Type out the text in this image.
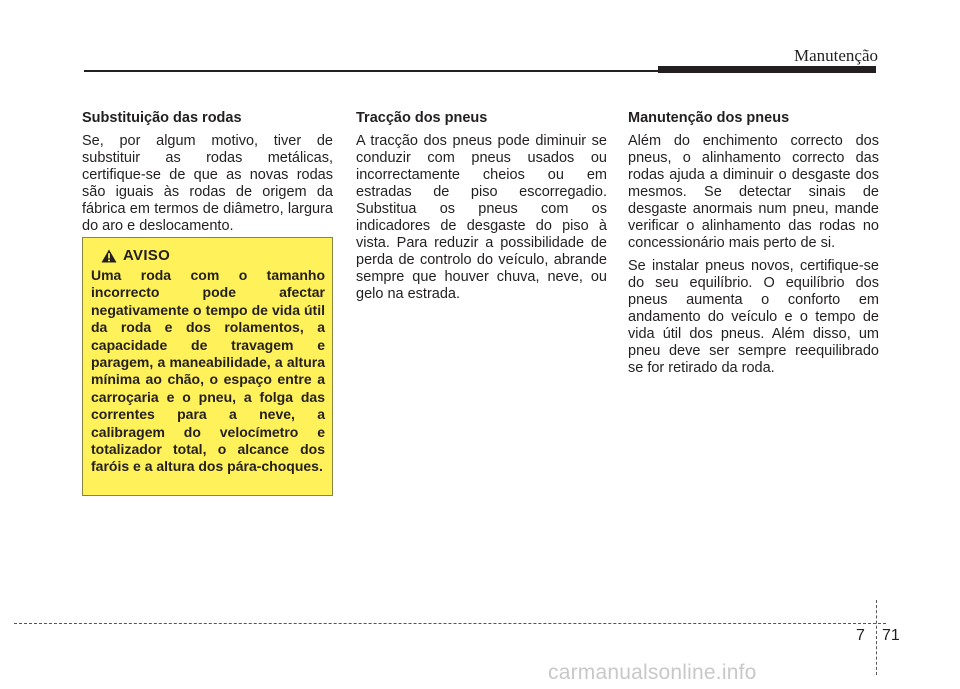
Manutenção

Substituição das rodas

Se, por algum motivo, tiver de substituir as rodas metálicas, certifique-se de que as novas rodas são iguais às rodas de origem da fábrica em termos de diâmetro, largura do aro e deslocamento.

AVISO

Uma roda com o tamanho incorrecto pode afectar negativamente o tempo de vida útil da roda e dos rolamentos, a capacidade de travagem e paragem, a maneabilidade, a altura mínima ao chão, o espaço entre a carroçaria e o pneu, a folga das correntes para a neve, a calibragem do velocímetro e totalizador total, o alcance dos faróis e a altura dos pára-choques.

Tracção dos pneus

A tracção dos pneus pode diminuir se conduzir com pneus usados ou incorrectamente cheios ou em estradas de piso escorregadio. Substitua os pneus com os indicadores de desgaste do piso à vista. Para reduzir a possibilidade de perda de controlo do veículo, abrande sempre que houver chuva, neve, ou gelo na estrada.

Manutenção dos pneus

Além do enchimento correcto dos pneus, o alinhamento correcto das rodas ajuda a diminuir o desgaste dos mesmos. Se detectar sinais de desgaste anormais num pneu, mande verificar o alinhamento das rodas no concessionário mais perto de si.

Se instalar pneus novos, certifique-se do seu equilíbrio. O equilíbrio dos pneus aumenta o conforto em andamento do veículo e o tempo de vida útil dos pneus. Além disso, um pneu deve ser sempre reequilibrado se for retirado da roda.

7 71
carmanualsonline.info
